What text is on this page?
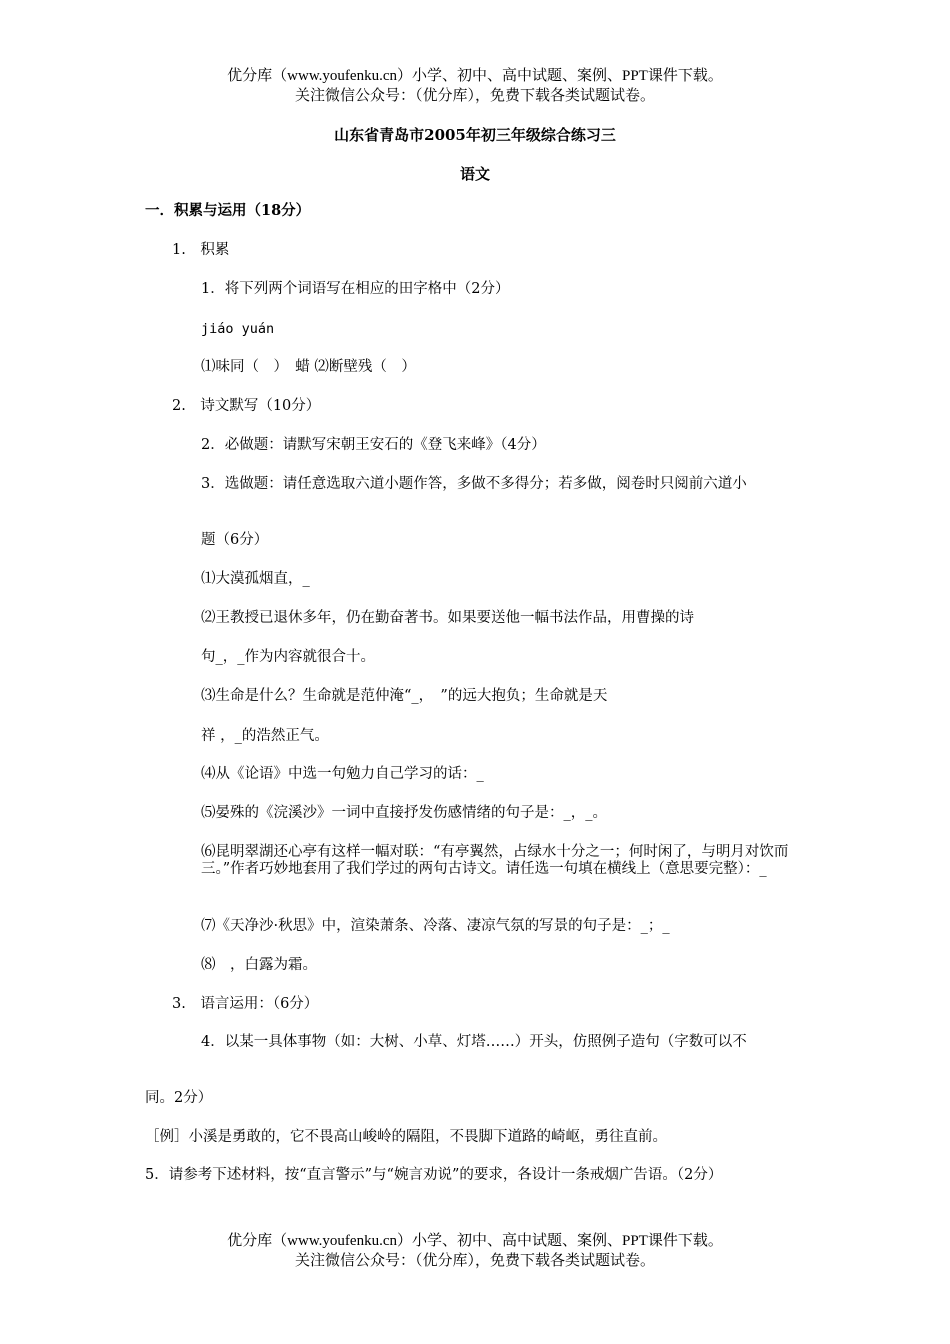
优分库（www.youfenku.cn）小学、初中、高中试题、案例、PPT课件下载。
关注微信公众号：（优分库），免费下载各类试题试卷。
山东省青岛市2005年初三年级综合练习三
语文
一．积累与运用（18分）
1.　积累
1．将下列两个词语写在相应的田字格中（2分）
jiáo yuán
⑴味同（　）　蜡 ⑵断壁残（　）
2.　诗文默写（10分）
2．必做题：请默写宋朝王安石的《登飞来峰》（4分）
3．选做题：请任意选取六道小题作答，多做不多得分；若多做，阅卷时只阅前六道小
题（6分）
⑴大漠孤烟直，_
⑵王教授已退休多年，仍在勤奋著书。如果要送他一幅书法作品，用曹操的诗
句_，_作为内容就很合十。
⑶生命是什么？生命就是范仲淹“_，　”的远大抱负；生命就是天
祥 ，_的浩然正气。
⑷从《论语》中选一句勉力自己学习的话：_
⑸晏殊的《浣溪沙》一词中直接抒发伤感情绪的句子是：_，_。
⑹昆明翠湖还心亭有这样一幅对联：“有亭翼然，占绿水十分之一；何时闲了，与明月对饮而三。”作者巧妙地套用了我们学过的两句古诗文。请任选一句填在横线上（意思要完整）：_
⑺《天净沙·秋思》中，渲染萧条、冷落、凄凉气氛的写景的句子是：_；_
⑻　，白露为霜。
3.　语言运用：（6分）
4．以某一具体事物（如：大树、小草、灯塔……）开头，仿照例子造句（字数可以不
同。2分）
［例］小溪是勇敢的，它不畏高山峻岭的隔阻，不畏脚下道路的崎岖，勇往直前。
5．请参考下述材料，按“直言警示”与“婉言劝说”的要求，各设计一条戒烟广告语。（2分）
优分库（www.youfenku.cn）小学、初中、高中试题、案例、PPT课件下载。
关注微信公众号：（优分库），免费下载各类试题试卷。
